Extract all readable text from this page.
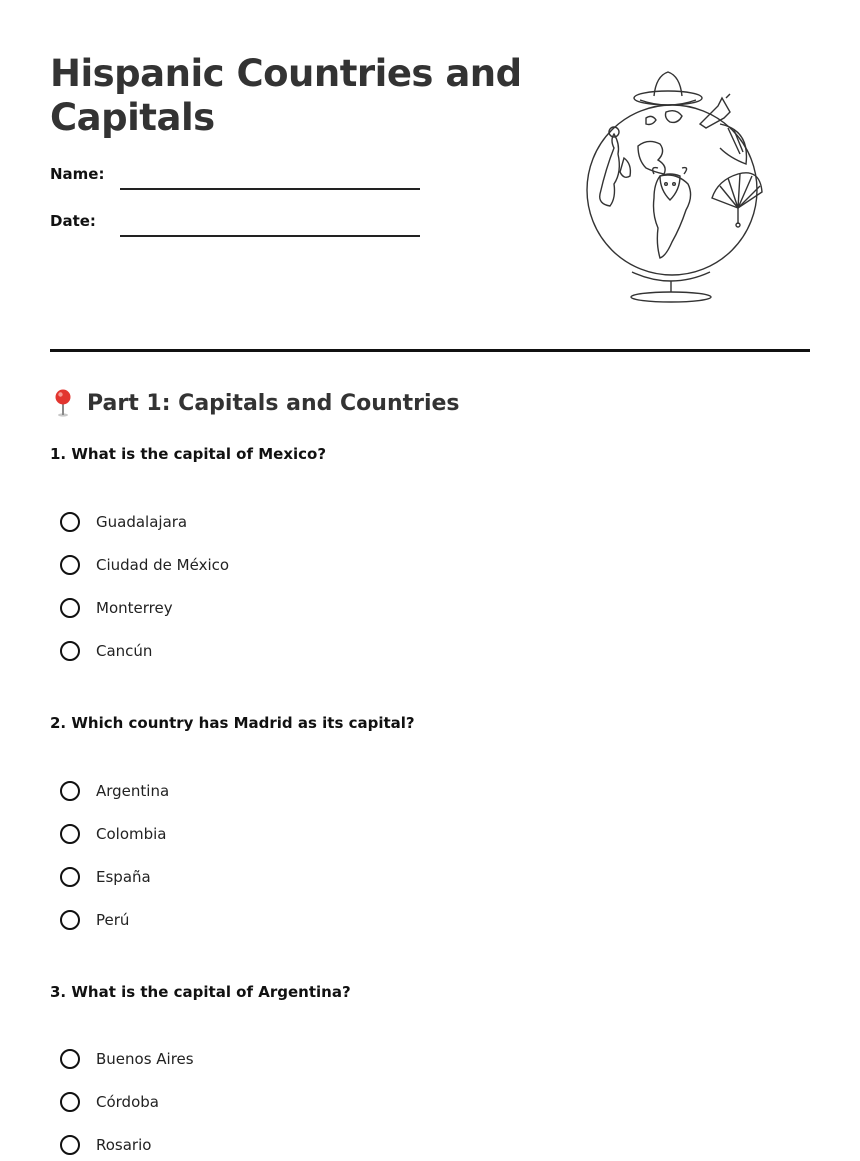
Hispanic Countries and Capitals
Name:
Date:
Part 1: Capitals and Countries
1. What is the capital of Mexico?
Guadalajara
Ciudad de México
Monterrey
Cancún
2. Which country has Madrid as its capital?
Argentina
Colombia
España
Perú
3. What is the capital of Argentina?
Buenos Aires
Córdoba
Rosario
